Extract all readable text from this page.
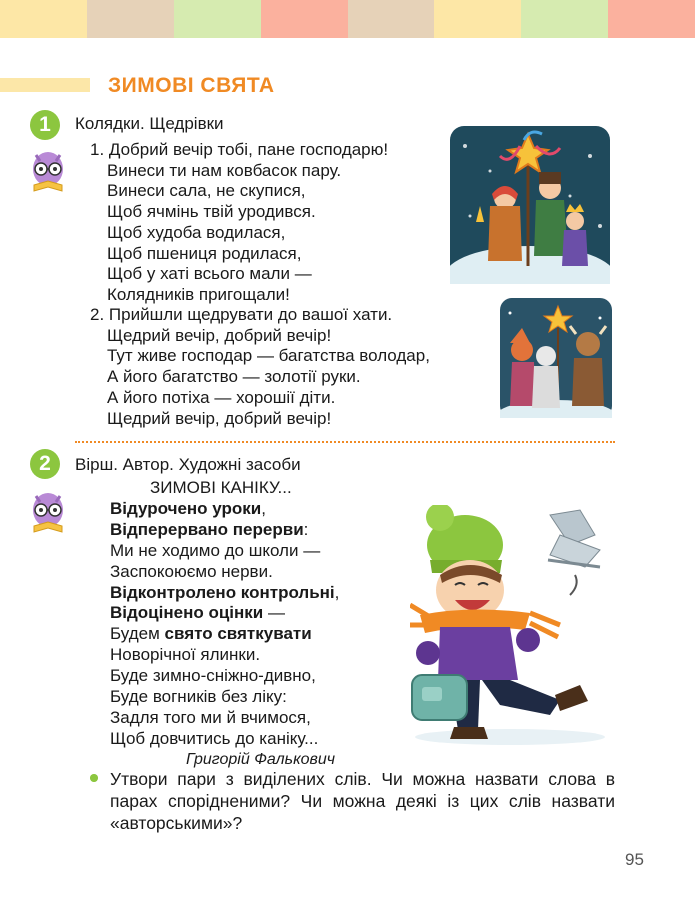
ЗИМОВІ СВЯТА
1	Колядки. Щедрівки
1. Добрий вечір тобі, пане господарю!
Винеси ти нам ковбасок пару.
Винеси сала, не скупися,
Щоб ячмінь твій уродився.
Щоб худоба водилася,
Щоб пшениця родилася,
Щоб у хаті всього мали —
Колядників пригощали!
2. Прийшли щедрувати до вашої хати.
Щедрий вечір, добрий вечір!
Тут живе господар — багатства володар,
А його багатство — золотії руки.
А його потіха — хорошії діти.
Щедрий вечір, добрий вечір!
2	Вірш. Автор. Художні засоби
ЗИМОВІ КАНІКУ...
Відурочено уроки,
Відперервано перерви:
Ми не ходимо до школи —
Заспокоюємо нерви.
Відконтролено контрольні,
Відоцінено оцінки —
Будем свято святкувати
Новорічної ялинки.
Буде зимно-сніжно-дивно,
Буде вогників без ліку:
Задля того ми й вчимося,
Щоб довчитись до каніку...
Григорій Фалькович
Утвори пари з виділених слів. Чи можна назвати слова в парах спорідненими? Чи можна деякі із цих слів назвати «авторськими»?
95
